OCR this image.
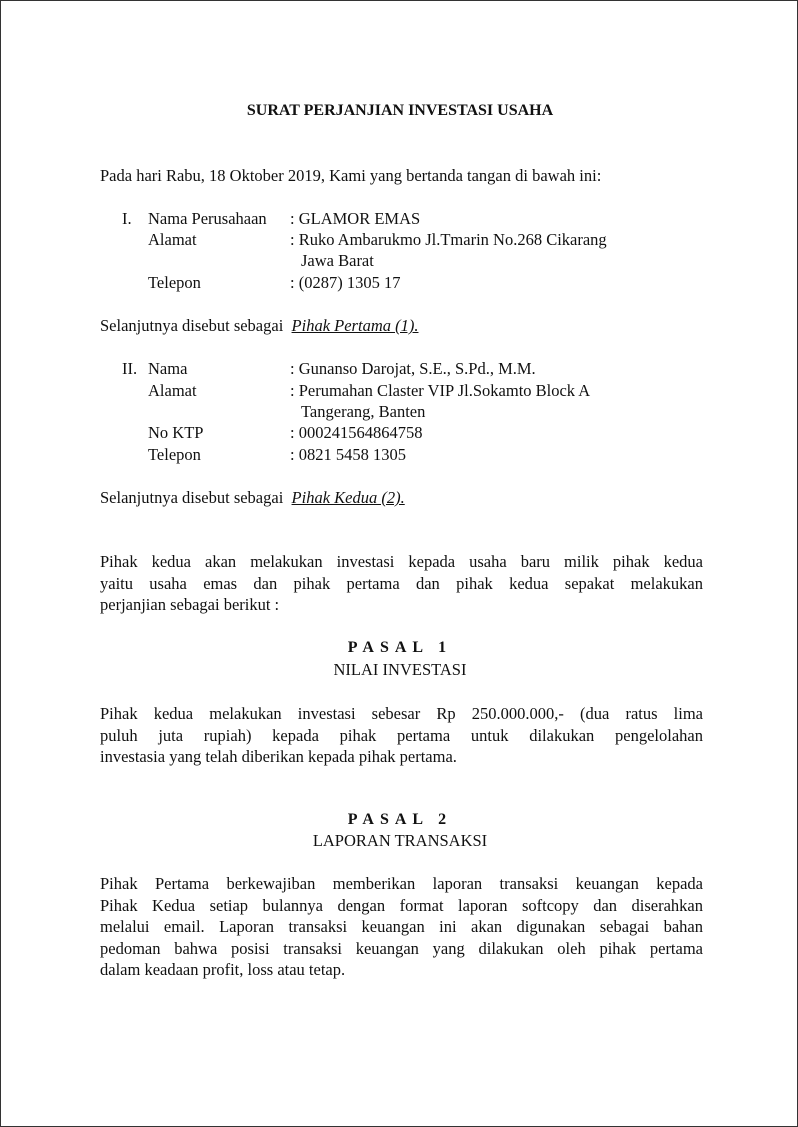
SURAT PERJANJIAN INVESTASI USAHA
Pada hari Rabu, 18 Oktober 2019, Kami yang bertanda tangan di bawah ini:
I. Nama Perusahaan : GLAMOR EMAS
Alamat	: Ruko Ambarukmo Jl.Tmarin No.268 Cikarang
Jawa Barat
Telepon	: (0287) 1305 17
Selanjutnya disebut sebagai Pihak Pertama (1).
II. Nama	: Gunanso Darojat, S.E., S.Pd., M.M.
Alamat	: Perumahan Claster VIP Jl.Sokamto Block A
Tangerang, Banten
No KTP	: 000241564864758
Telepon	: 0821 5458 1305
Selanjutnya disebut sebagai Pihak Kedua (2).
Pihak kedua akan melakukan investasi kepada usaha baru milik pihak kedua
yaitu usaha emas dan pihak pertama dan pihak kedua sepakat melakukan
perjanjian sebagai berikut :
PASAL 1
NILAI INVESTASI
Pihak kedua melakukan investasi sebesar Rp 250.000.000,- (dua ratus lima
puluh juta rupiah) kepada pihak pertama untuk dilakukan pengelolahan
investasia yang telah diberikan kepada pihak pertama.
PASAL 2
LAPORAN TRANSAKSI
Pihak Pertama berkewajiban memberikan laporan transaksi keuangan kepada
Pihak Kedua setiap bulannya dengan format laporan softcopy dan diserahkan
melalui email. Laporan transaksi keuangan ini akan digunakan sebagai bahan
pedoman bahwa posisi transaksi keuangan yang dilakukan oleh pihak pertama
dalam keadaan profit, loss atau tetap.
